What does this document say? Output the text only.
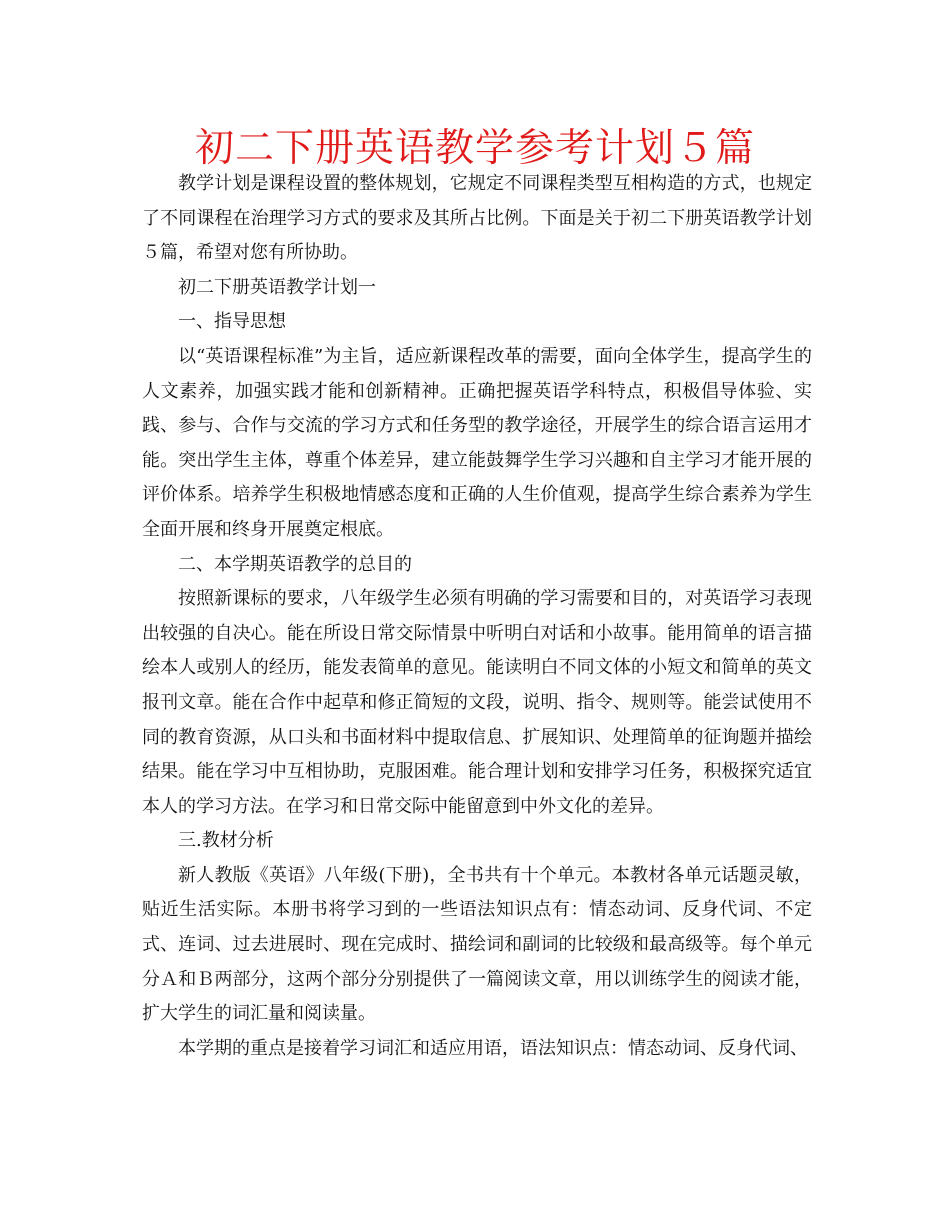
初二下册英语教学参考计划５篇

教学计划是课程设置的整体规划，它规定不同课程类型互相构造的方式，也规定了不同课程在治理学习方式的要求及其所占比例。下面是关于初二下册英语教学计划５篇，希望对您有所协助。

初二下册英语教学计划一

一、指导思想

以“英语课程标准”为主旨，适应新课程改革的需要，面向全体学生，提高学生的人文素养，加强实践才能和创新精神。正确把握英语学科特点，积极倡导体验、实践、参与、合作与交流的学习方式和任务型的教学途径，开展学生的综合语言运用才能。突出学生主体，尊重个体差异，建立能鼓舞学生学习兴趣和自主学习才能开展的评价体系。培养学生积极地情感态度和正确的人生价值观，提高学生综合素养为学生全面开展和终身开展奠定根底。

二、本学期英语教学的总目的

按照新课标的要求，八年级学生必须有明确的学习需要和目的，对英语学习表现出较强的自决心。能在所设日常交际情景中听明白对话和小故事。能用简单的语言描绘本人或别人的经历，能发表简单的意见。能读明白不同文体的小短文和简单的英文报刊文章。能在合作中起草和修正简短的文段，说明、指令、规则等。能尝试使用不同的教育资源，从口头和书面材料中提取信息、扩展知识、处理简单的征询题并描绘结果。能在学习中互相协助，克服困难。能合理计划和安排学习任务，积极探究适宜本人的学习方法。在学习和日常交际中能留意到中外文化的差异。

三.教材分析

新人教版《英语》八年级(下册)，全书共有十个单元。本教材各单元话题灵敏，贴近生活实际。本册书将学习到的一些语法知识点有：情态动词、反身代词、不定式、连词、过去进展时、现在完成时、描绘词和副词的比较级和最高级等。每个单元分Ａ和Ｂ两部分，这两个部分分别提供了一篇阅读文章，用以训练学生的阅读才能，扩大学生的词汇量和阅读量。

本学期的重点是接着学习词汇和适应用语，语法知识点：情态动词、反身代词、
